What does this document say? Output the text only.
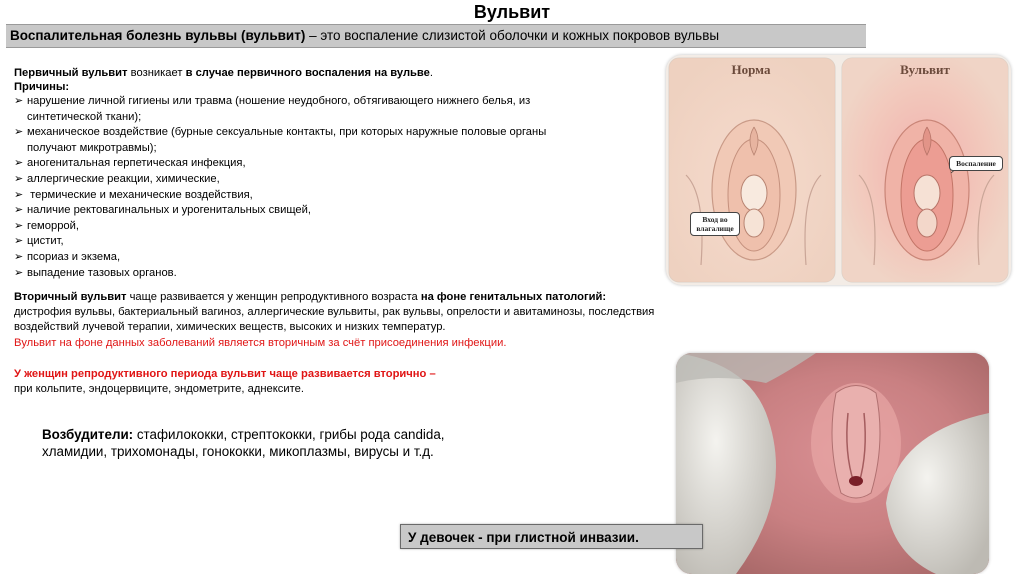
Вульвит
Воспалительная болезнь вульвы (вульвит) – это воспаление слизистой оболочки и кожных покровов вульвы
Первичный вульвит возникает в случае первичного воспаления на вульве.
Причины:
➢ нарушение личной гигиены или травма (ношение неудобного, обтягивающего нижнего белья, из
синтетической ткани);
➢ механическое воздействие (бурные сексуальные контакты, при которых наружные половые органы
получают микротравмы);
➢ аногенитальная герпетическая инфекция,
➢ аллергические реакции, химические,
➢ термические и механические воздействия,
➢ наличие ректовагинальных и урогенитальных свищей,
➢ геморрой,
➢ цистит,
➢ псориаз и экзема,
➢ выпадение тазовых органов.
Вторичный вульвит чаще развивается у женщин репродуктивного возраста на фоне генитальных патологий:
дистрофия вульвы, бактериальный вагиноз, аллергические вульвиты, рак вульвы, опрелости и авитаминозы, последствия
воздействий лучевой терапии, химических веществ, высоких и низких температур.
Вульвит на фоне данных заболеваний является вторичным за счёт присоединения инфекции.
У женщин репродуктивного периода вульвит чаще развивается вторично –
при кольпите, эндоцервиците, эндометрите, аднексите.
Возбудители: стафилококки, стрептококки, грибы рода candida,
хламидии, трихомонады, гонококки, микоплазмы, вирусы и т.д.
Норма	Вульвит
Вход во влагалище
Воспаление
У девочек - при глистной инвазии.
